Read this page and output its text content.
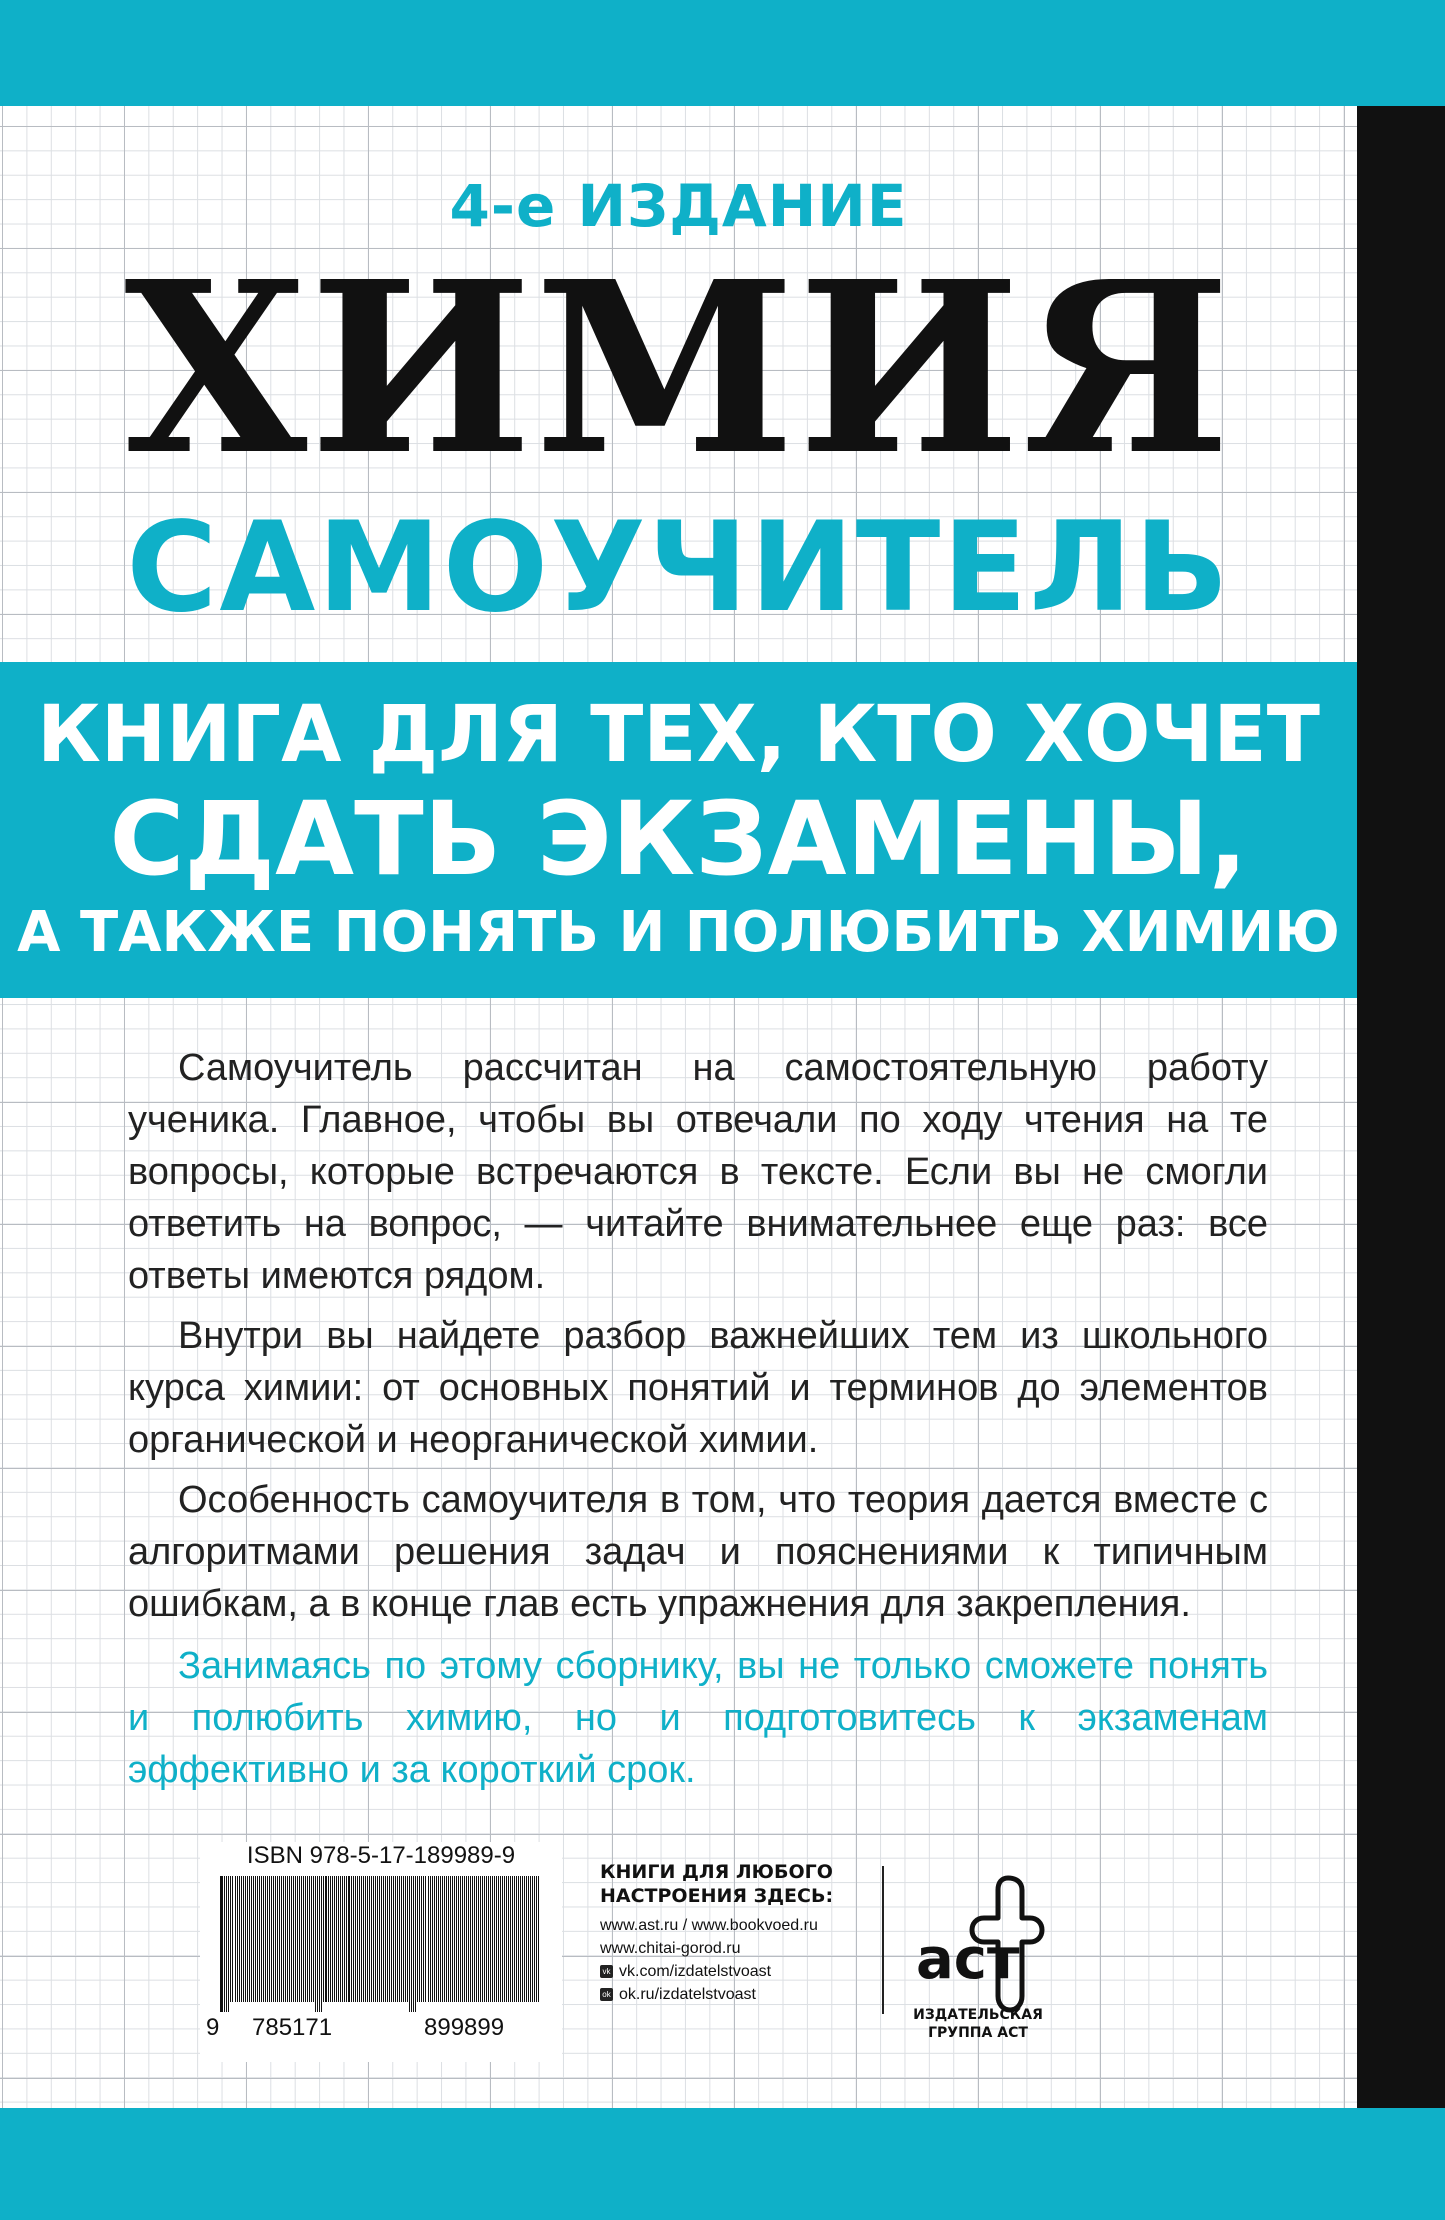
4-е ИЗДАНИЕ
ХИМИЯ
САМОУЧИТЕЛЬ
КНИГА ДЛЯ ТЕХ, КТО ХОЧЕТ
СДАТЬ ЭКЗАМЕНЫ,
А ТАКЖЕ ПОНЯТЬ И ПОЛЮБИТЬ ХИМИЮ
Самоучитель рассчитан на самостоятельную работу ученика. Главное, чтобы вы отвечали по ходу чтения на те вопросы, которые встречаются в тексте. Если вы не смогли ответить на вопрос, — читайте внимательнее еще раз: все ответы имеются рядом.
Внутри вы найдете разбор важнейших тем из школьного курса химии: от основных понятий и терминов до элементов органической и неорганической химии.
Особенность самоучителя в том, что теория дается вместе с алгоритмами решения задач и пояснениями к типичным ошибкам, а в конце глав есть упражнения для закрепления.
Занимаясь по этому сборнику, вы не только сможете понять и полюбить химию, но и подготовитесь к экзаменам эффективно и за короткий срок.
ISBN 978-5-17-189989-9
9 785171	899899
КНИГИ ДЛЯ ЛЮБОГО
НАСТРОЕНИЯ ЗДЕСЬ:
www.ast.ru / www.bookvoed.ru
www.chitai-gorod.ru
vk vk.com/izdatelstvoast
ok ok.ru/izdatelstvoast
аст
ИЗДАТЕЛЬСКАЯ
ГРУППА АСТ
